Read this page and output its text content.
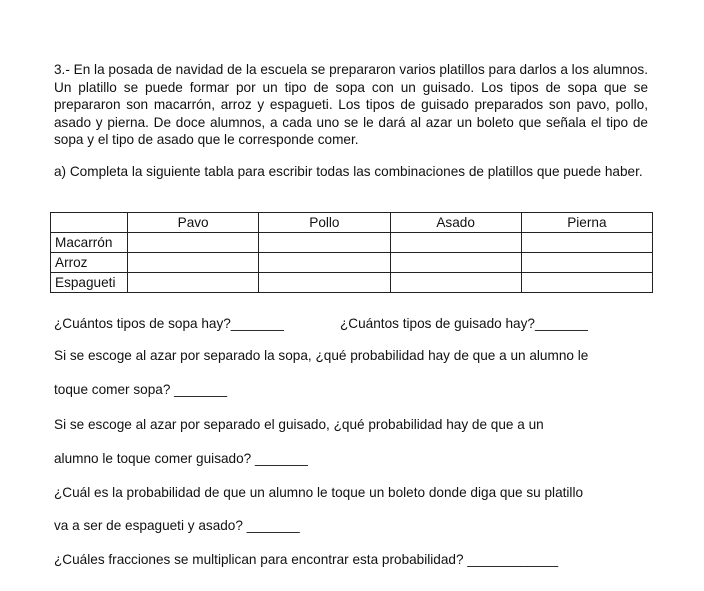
3.- En la posada de navidad de la escuela se prepararon varios platillos para darlos a los alumnos. Un platillo se puede formar por un tipo de sopa con un guisado. Los tipos de sopa que se prepararon son macarrón, arroz y espagueti. Los tipos de guisado preparados son pavo, pollo, asado y pierna. De doce alumnos, a cada uno se le dará al azar un boleto que señala el tipo de sopa y el tipo de asado que le corresponde comer.

a) Completa la siguiente tabla para escribir todas las combinaciones de platillos que puede haber.

	Pavo	Pollo	Asado	Pierna
Macarrón				
Arroz				
Espagueti				

¿Cuántos tipos de sopa hay?_______	¿Cuántos tipos de guisado hay?_______

Si se escoge al azar por separado la sopa, ¿qué probabilidad hay de que a un alumno le

toque comer sopa? _______

Si se escoge al azar por separado el guisado, ¿qué probabilidad hay de que a un

alumno le toque comer guisado? _______

¿Cuál es la probabilidad de que un alumno le toque un boleto donde diga que su platillo

va a ser de espagueti y asado? _______

¿Cuáles fracciones se multiplican para encontrar esta probabilidad? ____________
